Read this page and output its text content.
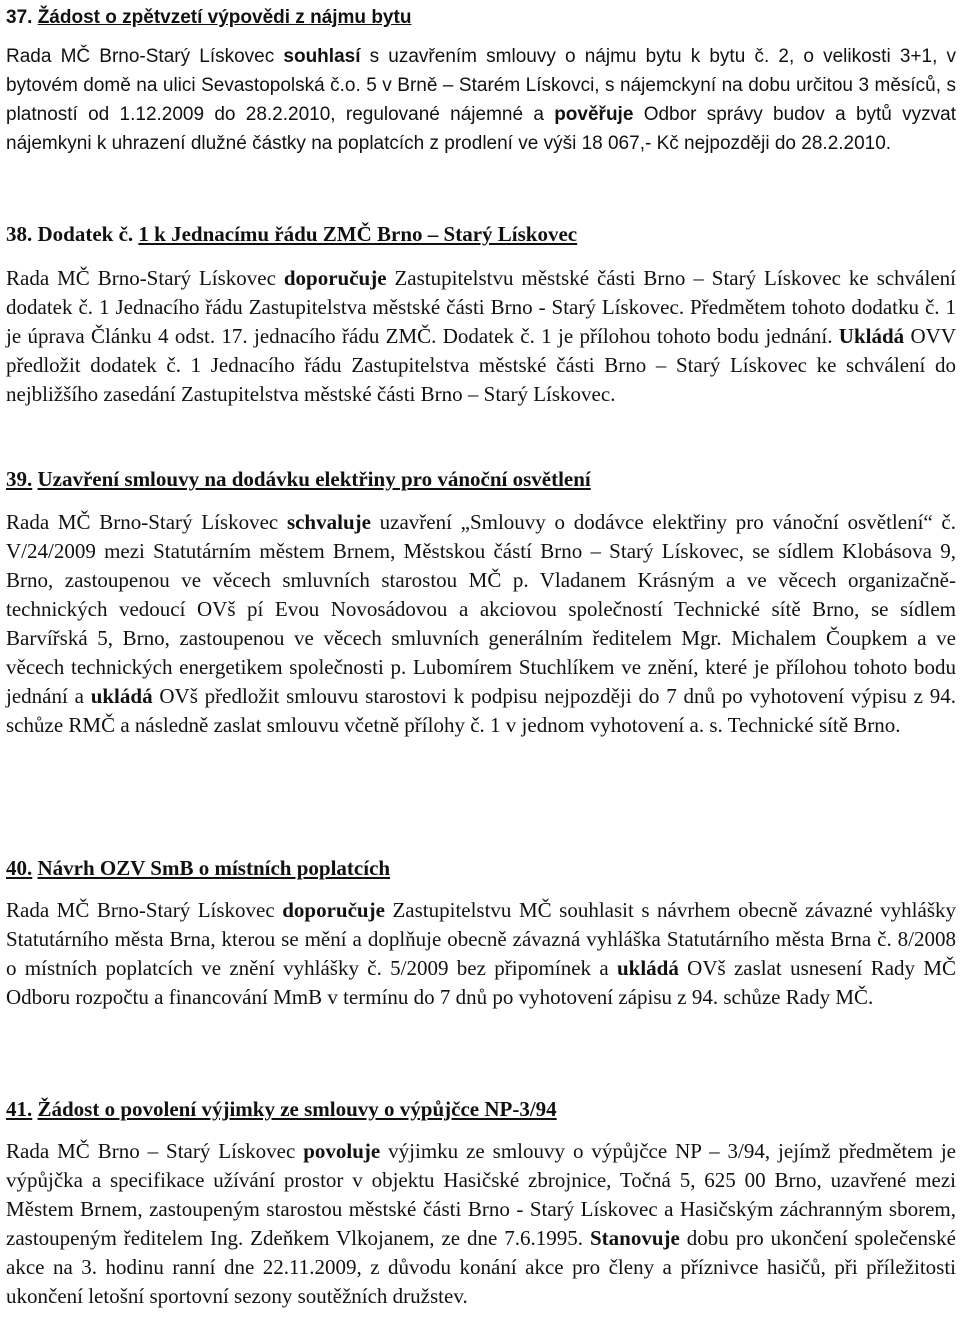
37. Žádost o zpětvzetí výpovědi z nájmu bytu

Rada MČ Brno-Starý Lískovec souhlasí s uzavřením smlouvy o nájmu bytu k bytu č. 2, o velikosti 3+1, v bytovém domě na ulici Sevastopolská č.o. 5 v Brně – Starém Lískovci, s nájemckyní na dobu určitou 3 měsíců, s platností od 1.12.2009 do 28.2.2010, regulované nájemné a pověřuje Odbor správy budov a bytů vyzvat nájemkyni k uhrazení dlužné částky na poplatcích z prodlení ve výši 18 067,- Kč nejpozději do 28.2.2010.

38. Dodatek č. 1 k Jednacímu řádu ZMČ Brno – Starý Lískovec

Rada MČ Brno-Starý Lískovec doporučuje Zastupitelstvu městské části Brno – Starý Lískovec ke schválení dodatek č. 1 Jednacího řádu Zastupitelstva městské části Brno - Starý Lískovec. Předmětem tohoto dodatku č. 1 je úprava Článku 4 odst. 17. jednacího řádu ZMČ. Dodatek č. 1 je přílohou tohoto bodu jednání. Ukládá OVV předložit dodatek č. 1 Jednacího řádu Zastupitelstva městské části Brno – Starý Lískovec ke schválení do nejbližšího zasedání Zastupitelstva městské části Brno – Starý Lískovec.

39. Uzavření smlouvy na dodávku elektřiny pro vánoční osvětlení

Rada MČ Brno-Starý Lískovec schvaluje uzavření „Smlouvy o dodávce elektřiny pro vánoční osvětlení“ č. V/24/2009 mezi Statutárním městem Brnem, Městskou částí Brno – Starý Lískovec, se sídlem Klobásova 9, Brno, zastoupenou ve věcech smluvních starostou MČ p. Vladanem Krásným a ve věcech organizačně-technických vedoucí OVš pí Evou Novosádovou a akciovou společností Technické sítě Brno, se sídlem Barvířská 5, Brno, zastoupenou ve věcech smluvních generálním ředitelem Mgr. Michalem Čoupkem a ve věcech technických energetikem společnosti p. Lubomírem Stuchlíkem ve znění, které je přílohou tohoto bodu jednání a ukládá OVš předložit smlouvu starostovi k podpisu nejpozději do 7 dnů po vyhotovení výpisu z 94. schůze RMČ a následně zaslat smlouvu včetně přílohy č. 1 v jednom vyhotovení a. s. Technické sítě Brno.

40. Návrh OZV SmB o místních poplatcích

Rada MČ Brno-Starý Lískovec doporučuje Zastupitelstvu MČ souhlasit s návrhem obecně závazné vyhlášky Statutárního města Brna, kterou se mění a doplňuje obecně závazná vyhláška Statutárního města Brna č. 8/2008 o místních poplatcích ve znění vyhlášky č. 5/2009 bez připomínek a ukládá OVš zaslat usnesení Rady MČ Odboru rozpočtu a financování MmB v termínu do 7 dnů po vyhotovení zápisu z 94. schůze Rady MČ.

41. Žádost o povolení výjimky ze smlouvy o výpůjčce NP-3/94

Rada MČ Brno – Starý Lískovec povoluje výjimku ze smlouvy o výpůjčce NP – 3/94, jejímž předmětem je výpůjčka a specifikace užívání prostor v objektu Hasičské zbrojnice, Točná 5, 625 00 Brno, uzavřené mezi Městem Brnem, zastoupeným starostou městské části Brno - Starý Lískovec a Hasičským záchranným sborem, zastoupeným ředitelem Ing. Zdeňkem Vlkojanem, ze dne 7.6.1995. Stanovuje dobu pro ukončení společenské akce na 3. hodinu ranní dne 22.11.2009, z důvodu konání akce pro členy a příznivce hasičů, při příležitosti ukončení letošní sportovní sezony soutěžních družstev.
